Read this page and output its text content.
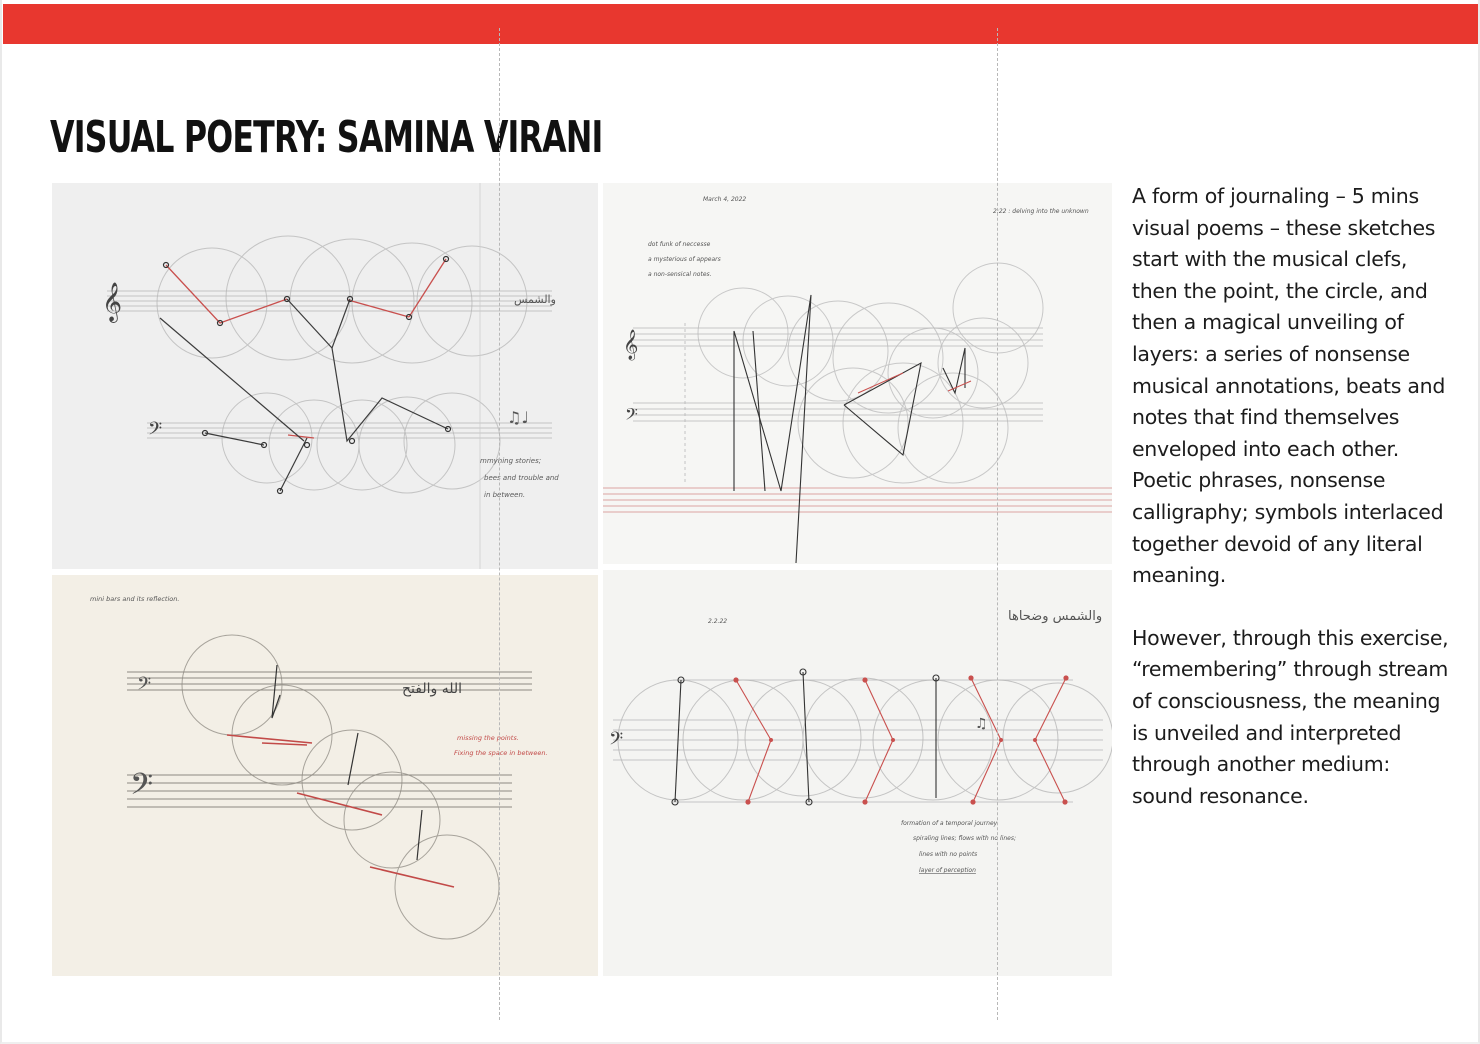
VISUAL POETRY: SAMINA VIRANI
𝄞
𝄢
ﻭﺍﻟﺸﻤﺲ
♫♩
mmyhing stories;
bees and trouble and
in between.
𝄞
𝄢
March 4, 2022
2:22 : delving into the unknown
dot funk of neccesse
a mysterious of appears
a non-sensical notes.
𝄢
𝄢
ﺍﻟﻠﻪ ﻭﺍﻟﻔﺘﺢ
mini bars and its reflection.
missing the points.
Fixing the space in between.	𝄢
♫
ﻭﺍﻟﺸﻤﺲ ﻭﺿﺤﺎﻫﺎ
2.2.22
formation of a temporal journey
spiraling lines; flows with no lines;
lines with no points
layer of perception

A form of journaling – 5 mins visual poems – these sketches start with the musical clefs, then the point, the circle, and then a magical unveiling of layers: a series of nonsense musical annotations, beats and notes that find themselves enveloped into each other. Poetic phrases, nonsense calligraphy; symbols interlaced together devoid of any literal meaning.

However, through this exercise, “remembering” through stream of consciousness, the meaning is unveiled and interpreted through another medium: sound resonance.
